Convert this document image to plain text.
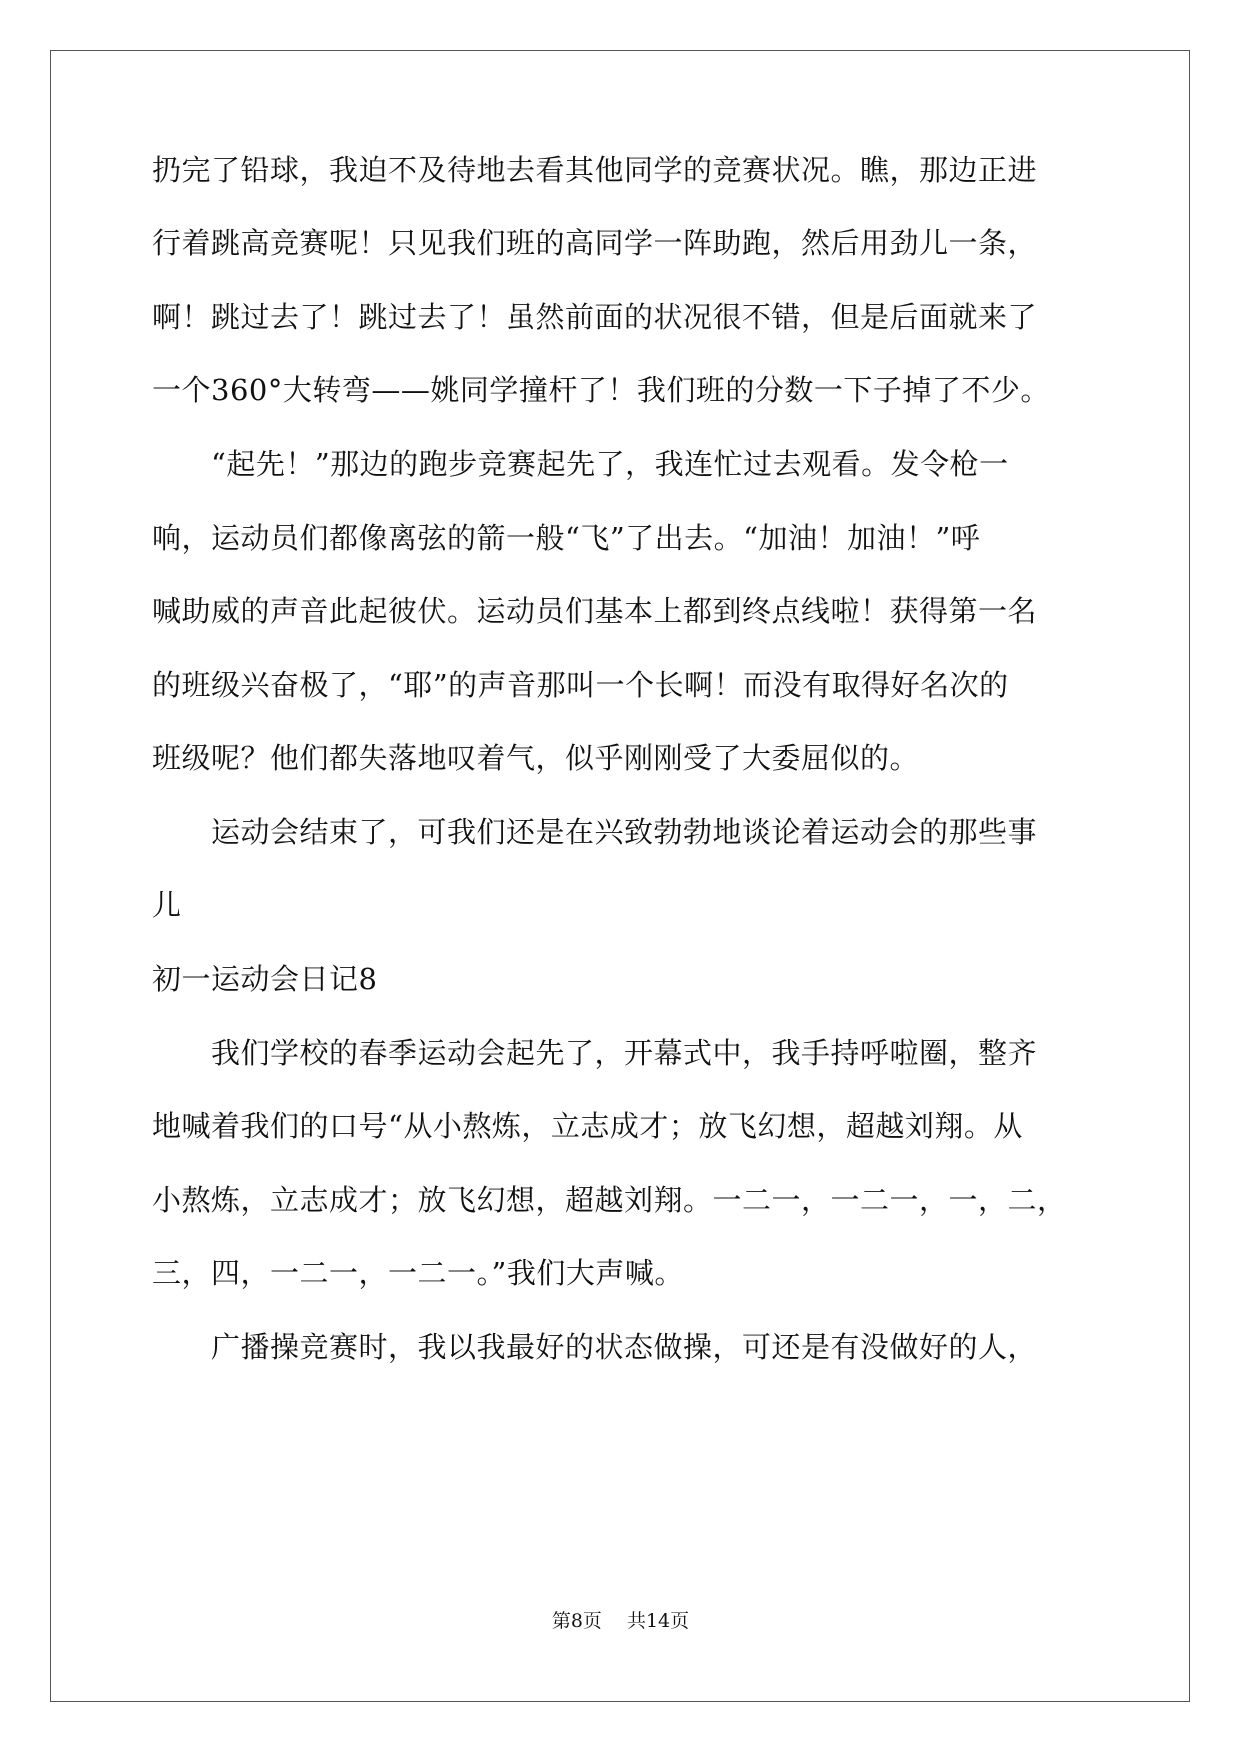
扔完了铅球，我迫不及待地去看其他同学的竞赛状况。瞧，那边正进
行着跳高竞赛呢！只见我们班的高同学一阵助跑，然后用劲儿一条，
啊！跳过去了！跳过去了！虽然前面的状况很不错，但是后面就来了
一个360°大转弯——姚同学撞杆了！我们班的分数一下子掉了不少。
　　“起先！”那边的跑步竞赛起先了，我连忙过去观看。发令枪一
响，运动员们都像离弦的箭一般“飞”了出去。“加油！加油！”呼
喊助威的声音此起彼伏。运动员们基本上都到终点线啦！获得第一名
的班级兴奋极了，“耶”的声音那叫一个长啊！而没有取得好名次的
班级呢？他们都失落地叹着气，似乎刚刚受了大委屈似的。
　　运动会结束了，可我们还是在兴致勃勃地谈论着运动会的那些事
儿
初一运动会日记8
　　我们学校的春季运动会起先了，开幕式中，我手持呼啦圈，整齐
地喊着我们的口号“从小熬炼，立志成才；放飞幻想，超越刘翔。从
小熬炼，立志成才；放飞幻想，超越刘翔。一二一，一二一，一，二，
三，四，一二一，一二一。”我们大声喊。
　　广播操竞赛时，我以我最好的状态做操，可还是有没做好的人，
第8页　 共14页
